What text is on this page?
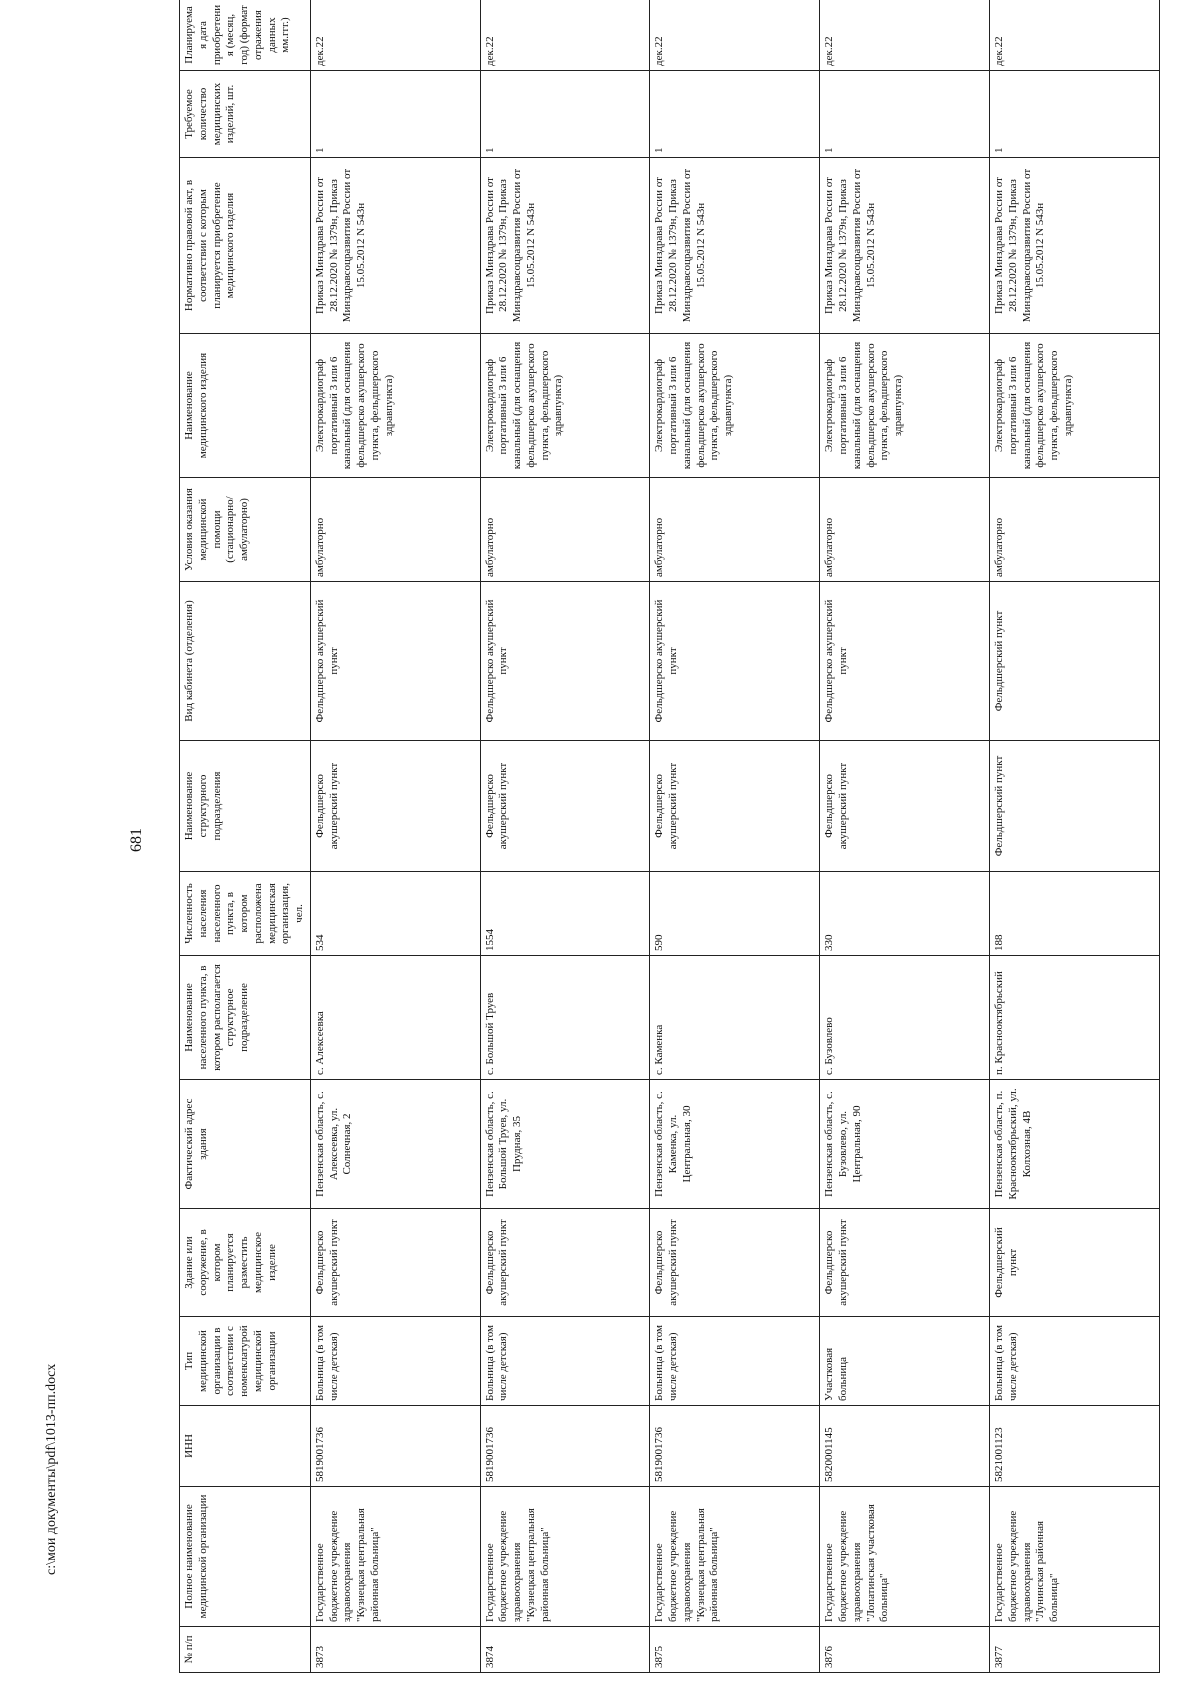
681
№ п/п	Полное наименование медицинской организации	ИНН	Тип медицинской организации в соответствии с номенклатурой медицинской организации	Здание или сооружение, в котором планируется разместить медицинское изделие	Фактический адрес здания	Наименование населенного пункта, в котором располагается структурное подразделение	Численность населения населенного пункта, в котором расположена медицинская организация, чел.	Наименование структурного подразделения	Вид кабинета (отделения)	Условия оказания медицинской помощи (стационарно/ амбулаторно)	Наименование медицинского изделия	Нормативно правовой акт, в соответствии с которым планируется приобретение медицинского изделия	Требуемое количество медицинских изделий, шт.	Планируемая дата приобретения (месяц, год) (формат отражения данных мм.ггг.)
3873	Государственное бюджетное учреждение здравоохранения "Кузнецкая центральная районная больница"	5819001736	Больница (в том числе детская)	Фельдшерско акушерский пункт	Пензенская область, с. Алексеевка, ул. Солнечная, 2	с. Алексеевка	534	Фельдшерско акушерский пункт	Фельдшерско акушерский пункт	амбулаторно	Электрокардиограф портативный 3 или 6 канальный (для оснащения фельдшерско акушерского пункта, фельдшерского здравпункта)	Приказ Минздрава России от 28.12.2020 № 1379н, Приказ Минздравсоцразвития России от 15.05.2012 N 543н	1	дек.22
3874	Государственное бюджетное учреждение здравоохранения "Кузнецкая центральная районная больница"	5819001736	Больница (в том числе детская)	Фельдшерско акушерский пункт	Пензенская область, с. Большой Труев, ул. Прудная, 35	с. Большой Труев	1554	Фельдшерско акушерский пункт	Фельдшерско акушерский пункт	амбулаторно	Электрокардиограф портативный 3 или 6 канальный (для оснащения фельдшерско акушерского пункта, фельдшерского здравпункта)	Приказ Минздрава России от 28.12.2020 № 1379н, Приказ Минздравсоцразвития России от 15.05.2012 N 543н	1	дек.22
3875	Государственное бюджетное учреждение здравоохранения "Кузнецкая центральная районная больница"	5819001736	Больница (в том числе детская)	Фельдшерско акушерский пункт	Пензенская область, с. Каменка, ул. Центральная, 30	с. Каменка	590	Фельдшерско акушерский пункт	Фельдшерско акушерский пункт	амбулаторно	Электрокардиограф портативный 3 или 6 канальный (для оснащения фельдшерско акушерского пункта, фельдшерского здравпункта)	Приказ Минздрава России от 28.12.2020 № 1379н, Приказ Минздравсоцразвития России от 15.05.2012 N 543н	1	дек.22
3876	Государственное бюджетное учреждение здравоохранения "Лопатинская участковая больница"	5820001145	Участковая больница	Фельдшерско акушерский пункт	Пензенская область, с. Бузовлево, ул. Центральная, 90	с. Бузовлево	330	Фельдшерско акушерский пункт	Фельдшерско акушерский пункт	амбулаторно	Электрокардиограф портативный 3 или 6 канальный (для оснащения фельдшерско акушерского пункта, фельдшерского здравпункта)	Приказ Минздрава России от 28.12.2020 № 1379н, Приказ Минздравсоцразвития России от 15.05.2012 N 543н	1	дек.22
3877	Государственное бюджетное учреждение здравоохранения "Лунинская районная больница"	5821001123	Больница (в том числе детская)	Фельдшерский пункт	Пензенская область, п. Краснооктябрьский, ул. Колхозная, 4В	п. Краснооктябрьский	188	Фельдшерский пункт	Фельдшерский пункт	амбулаторно	Электрокардиограф портативный 3 или 6 канальный (для оснащения фельдшерско акушерского пункта, фельдшерского здравпункта)	Приказ Минздрава России от 28.12.2020 № 1379н, Приказ Минздравсоцразвития России от 15.05.2012 N 543н	1	дек.22
c:\мои документы\pdf\1013-пп.docx
